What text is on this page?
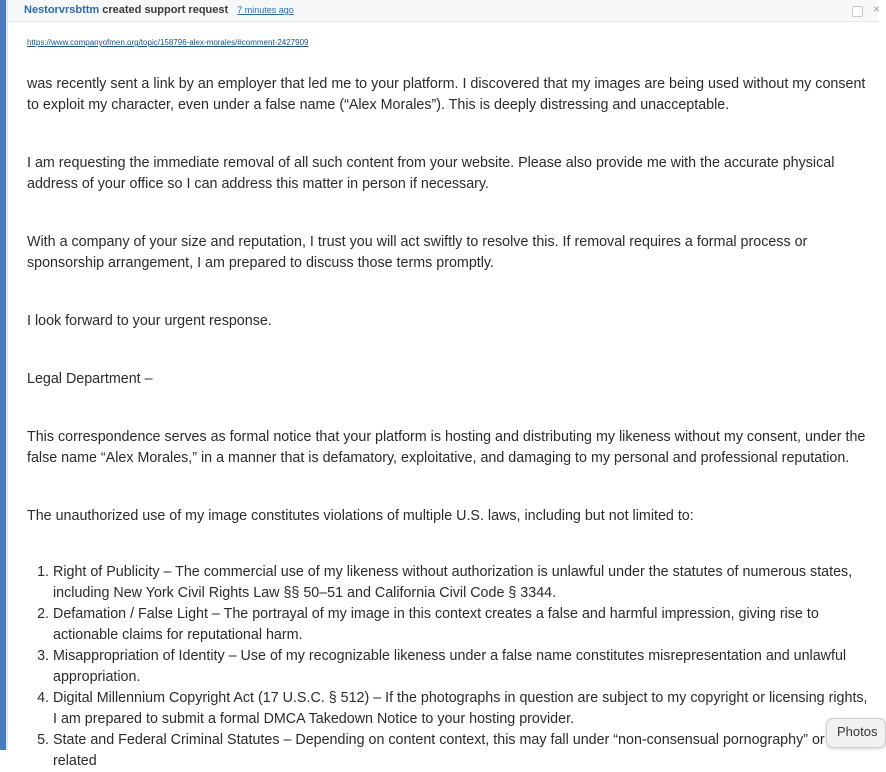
Nestorvrsbttm created support request 7 minutes ago	×
https://www.companyofmen.org/topic/158796-alex-morales/#comment-2427909

was recently sent a link by an employer that led me to your platform. I discovered that my images are being used without my consent to exploit my character, even under a false name (“Alex Morales”). This is deeply distressing and unacceptable.

I am requesting the immediate removal of all such content from your website. Please also provide me with the accurate physical address of your office so I can address this matter in person if necessary.

With a company of your size and reputation, I trust you will act swiftly to resolve this. If removal requires a formal process or sponsorship arrangement, I am prepared to discuss those terms promptly.

I look forward to your urgent response.

Legal Department –

This correspondence serves as formal notice that your platform is hosting and distributing my likeness without my consent, under the false name “Alex Morales,” in a manner that is defamatory, exploitative, and damaging to my personal and professional reputation.

The unauthorized use of my image constitutes violations of multiple U.S. laws, including but not limited to:

1. Right of Publicity – The commercial use of my likeness without authorization is unlawful under the statutes of numerous states, including New York Civil Rights Law §§ 50–51 and California Civil Code § 3344.
2. Defamation / False Light – The portrayal of my image in this context creates a false and harmful impression, giving rise to actionable claims for reputational harm.
3. Misappropriation of Identity – Use of my recognizable likeness under a false name constitutes misrepresentation and unlawful appropriation.
4. Digital Millennium Copyright Act (17 U.S.C. § 512) – If the photographs in question are subject to my copyright or licensing rights, I am prepared to submit a formal DMCA Takedown Notice to your hosting provider.
5. State and Federal Criminal Statutes – Depending on content context, this may fall under “non-consensual pornography” or related
Photos
